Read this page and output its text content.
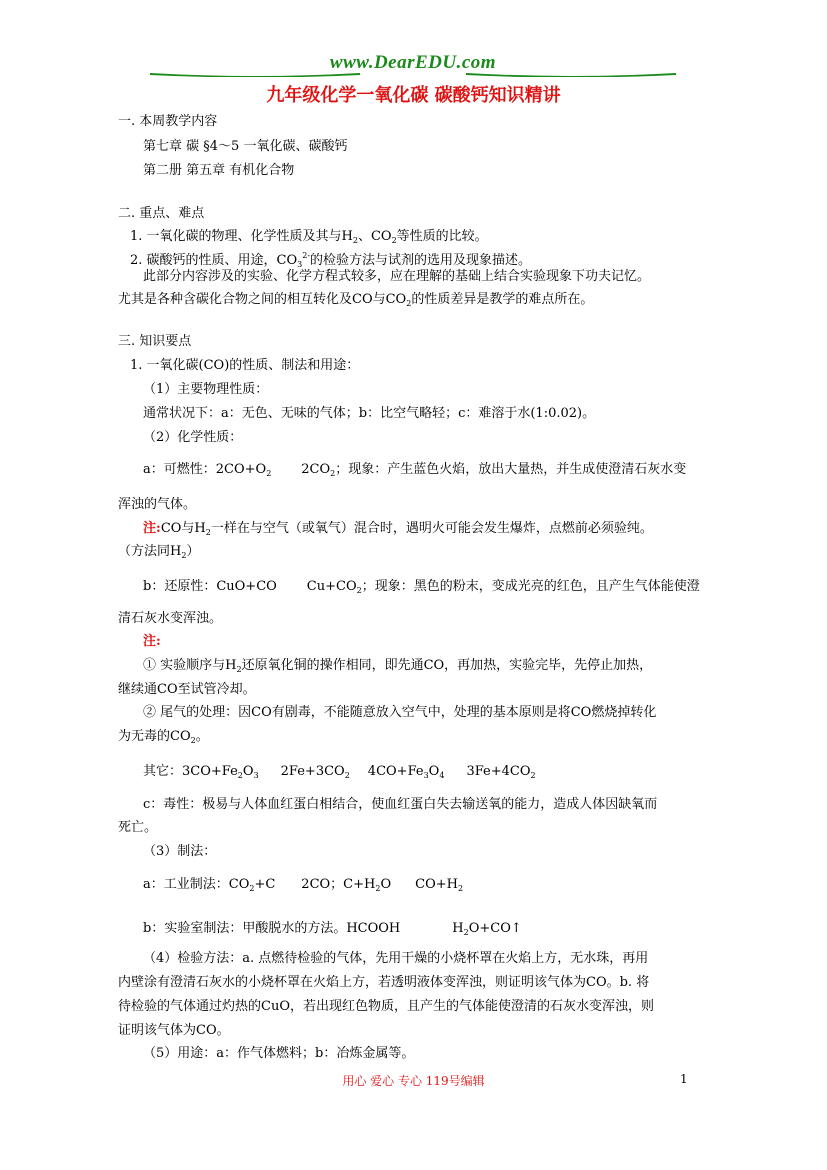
www.DearEDU.com
九年级化学一氧化碳 碳酸钙知识精讲
一. 本周教学内容
第七章 碳 §4～5 一氧化碳、碳酸钙
第二册 第五章 有机化合物
二. 重点、难点
1. 一氧化碳的物理、化学性质及其与$H_2$、$CO_2$等性质的比较。
2. 碳酸钙的性质、用途，$CO_3^{2-}$的检验方法与试剂的选用及现象描述。
此部分内容涉及的实验、化学方程式较多，应在理解的基础上结合实验现象下功夫记忆。
尤其是各种含碳化合物之间的相互转化及CO与$CO_2$的性质差异是教学的难点所在。
三. 知识要点
1. 一氧化碳(CO)的性质、制法和用途：
（1）主要物理性质：
通常状况下：a：无色、无味的气体；b：比空气略轻；c：难溶于水(1:0.02)。
（2）化学性质：
a：可燃性：$2CO+O_2$ $2CO_2$；现象：产生蓝色火焰，放出大量热，并生成使澄清石灰水变
浑浊的气体。
注:CO与$H_2$一样在与空气（或氧气）混合时，遇明火可能会发生爆炸，点燃前必须验纯。
（方法同$H_2$）
b：还原性：CuO+CO $Cu+CO_2$；现象：黑色的粉末，变成光亮的红色，且产生气体能使澄
清石灰水变浑浊。
注:
① 实验顺序与$H_2$还原氧化铜的操作相同，即先通CO，再加热，实验完毕，先停止加热，
继续通CO至试管冷却。
② 尾气的处理：因CO有剧毒，不能随意放入空气中，处理的基本原则是将CO燃烧掉转化
为无毒的$CO_2$。
其它：$3CO+Fe_2O_3$ $2Fe+3CO_2$ $4CO+Fe_3O_4$ $3Fe+4CO_2$
c：毒性：极易与人体血红蛋白相结合，使血红蛋白失去输送氧的能力，造成人体因缺氧而
死亡。
（3）制法：
a：工业制法：$CO_2+C$ 2CO；$C+H_2O$ $CO+H_2$
b：实验室制法：甲酸脱水的方法。HCOOH	$H_2O+CO↑$
（4）检验方法：a. 点燃待检验的气体，先用干燥的小烧杯罩在火焰上方，无水珠，再用
内壁涂有澄清石灰水的小烧杯罩在火焰上方，若透明液体变浑浊，则证明该气体为CO。b. 将
待检验的气体通过灼热的CuO，若出现红色物质，且产生的气体能使澄清的石灰水变浑浊，则
证明该气体为CO。
（5）用途：a：作气体燃料；b：冶炼金属等。
用心 爱心 专心 119号编辑	1
